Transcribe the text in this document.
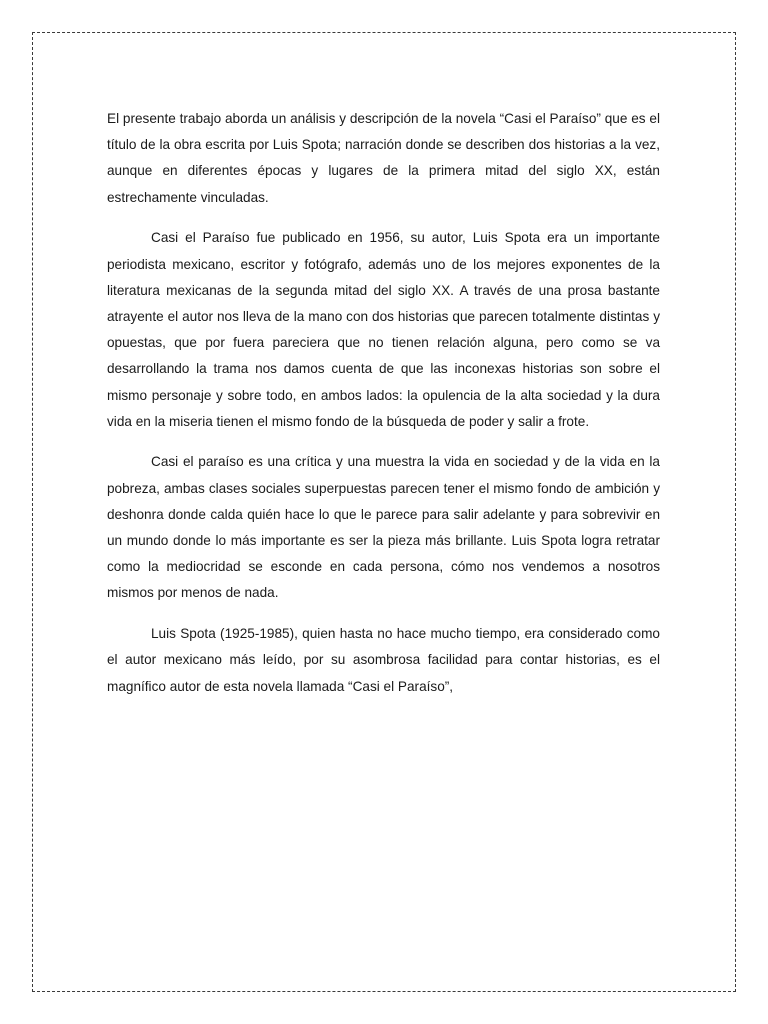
El presente trabajo aborda un análisis y descripción de la novela “Casi el Paraíso” que es el título de la obra escrita por Luis Spota; narración donde se describen dos historias a la vez, aunque en diferentes épocas y lugares de la primera mitad del siglo XX, están estrechamente vinculadas.

Casi el Paraíso fue publicado en 1956, su autor, Luis Spota era un importante periodista mexicano, escritor y fotógrafo, además uno de los mejores exponentes de la literatura mexicanas de la segunda mitad del siglo XX. A través de una prosa bastante atrayente el autor nos lleva de la mano con dos historias que parecen totalmente distintas y opuestas, que por fuera pareciera que no tienen relación alguna, pero como se va desarrollando la trama nos damos cuenta de que las inconexas historias son sobre el mismo personaje y sobre todo, en ambos lados: la opulencia de la alta sociedad y la dura vida en la miseria tienen el mismo fondo de la búsqueda de poder y salir a frote.

Casi el paraíso es una crítica y una muestra la vida en sociedad y de la vida en la pobreza, ambas clases sociales superpuestas parecen tener el mismo fondo de ambición y deshonra donde calda quién hace lo que le parece para salir adelante y para sobrevivir en un mundo donde lo más importante es ser la pieza más brillante. Luis Spota logra retratar como la mediocridad se esconde en cada persona, cómo nos vendemos a nosotros mismos por menos de nada.

Luis Spota (1925-1985), quien hasta no hace mucho tiempo, era considerado como el autor mexicano más leído, por su asombrosa facilidad para contar historias, es el magnífico autor de esta novela llamada “Casi el Paraíso”,
